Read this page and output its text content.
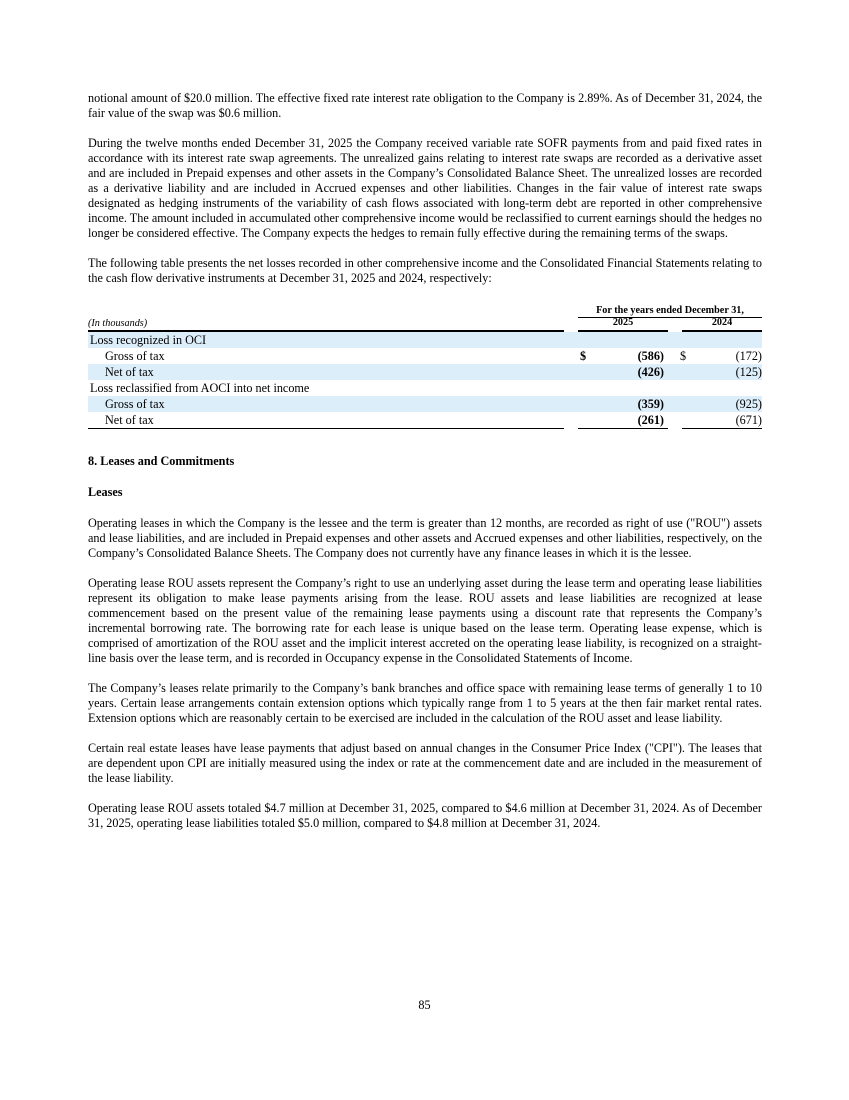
notional amount of $20.0 million. The effective fixed rate interest rate obligation to the Company is 2.89%. As of December 31, 2024, the fair value of the swap was $0.6 million.

During the twelve months ended December 31, 2025 the Company received variable rate SOFR payments from and paid fixed rates in accordance with its interest rate swap agreements. The unrealized gains relating to interest rate swaps are recorded as a derivative asset and are included in Prepaid expenses and other assets in the Company’s Consolidated Balance Sheet. The unrealized losses are recorded as a derivative liability and are included in Accrued expenses and other liabilities. Changes in the fair value of interest rate swaps designated as hedging instruments of the variability of cash flows associated with long-term debt are reported in other comprehensive income. The amount included in accumulated other comprehensive income would be reclassified to current earnings should the hedges no longer be considered effective. The Company expects the hedges to remain fully effective during the remaining terms of the swaps.

The following table presents the net losses recorded in other comprehensive income and the Consolidated Financial Statements relating to the cash flow derivative instruments at December 31, 2025 and 2024, respectively:

For the years ended December 31,
2025	2024
(In thousands)
Loss recognized in OCI
Gross of tax	$	(586) $	(172)
Net of tax	(426)	(125)
Loss reclassified from AOCI into net income
Gross of tax	(359)	(925)
Net of tax	(261)	(671)
8. Leases and Commitments
Leases

Operating leases in which the Company is the lessee and the term is greater than 12 months, are recorded as right of use ("ROU") assets and lease liabilities, and are included in Prepaid expenses and other assets and Accrued expenses and other liabilities, respectively, on the Company’s Consolidated Balance Sheets. The Company does not currently have any finance leases in which it is the lessee.

Operating lease ROU assets represent the Company’s right to use an underlying asset during the lease term and operating lease liabilities represent its obligation to make lease payments arising from the lease. ROU assets and lease liabilities are recognized at lease commencement based on the present value of the remaining lease payments using a discount rate that represents the Company’s incremental borrowing rate. The borrowing rate for each lease is unique based on the lease term. Operating lease expense, which is comprised of amortization of the ROU asset and the implicit interest accreted on the operating lease liability, is recognized on a straight-line basis over the lease term, and is recorded in Occupancy expense in the Consolidated Statements of Income.

The Company’s leases relate primarily to the Company’s bank branches and office space with remaining lease terms of generally 1 to 10 years. Certain lease arrangements contain extension options which typically range from 1 to 5 years at the then fair market rental rates. Extension options which are reasonably certain to be exercised are included in the calculation of the ROU asset and lease liability.

Certain real estate leases have lease payments that adjust based on annual changes in the Consumer Price Index ("CPI"). The leases that are dependent upon CPI are initially measured using the index or rate at the commencement date and are included in the measurement of the lease liability.

Operating lease ROU assets totaled $4.7 million at December 31, 2025, compared to $4.6 million at December 31, 2024. As of December 31, 2025, operating lease liabilities totaled $5.0 million, compared to $4.8 million at December 31, 2024.

85
